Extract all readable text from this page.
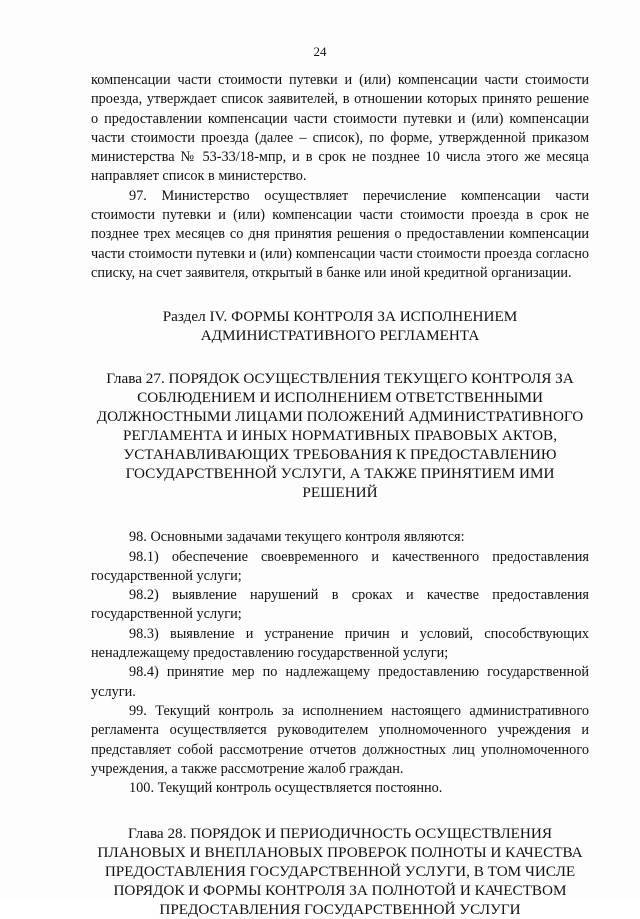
24

компенсации части стоимости путевки и (или) компенсации части стоимости проезда, утверждает список заявителей, в отношении которых принято решение о предоставлении компенсации части стоимости путевки и (или) компенсации части стоимости проезда (далее – список), по форме, утвержденной приказом министерства № 53-33/18-мпр, и в срок не позднее 10 числа этого же месяца направляет список в министерство.

97. Министерство осуществляет перечисление компенсации части стоимости путевки и (или) компенсации части стоимости проезда в срок не позднее трех месяцев со дня принятия решения о предоставлении компенсации части стоимости путевки и (или) компенсации части стоимости проезда согласно списку, на счет заявителя, открытый в банке или иной кредитной организации.

Раздел IV. ФОРМЫ КОНТРОЛЯ ЗА ИСПОЛНЕНИЕМ АДМИНИСТРАТИВНОГО РЕГЛАМЕНТА

Глава 27. ПОРЯДОК ОСУЩЕСТВЛЕНИЯ ТЕКУЩЕГО КОНТРОЛЯ ЗА СОБЛЮДЕНИЕМ И ИСПОЛНЕНИЕМ ОТВЕТСТВЕННЫМИ ДОЛЖНОСТНЫМИ ЛИЦАМИ ПОЛОЖЕНИЙ АДМИНИСТРАТИВНОГО РЕГЛАМЕНТА И ИНЫХ НОРМАТИВНЫХ ПРАВОВЫХ АКТОВ, УСТАНАВЛИВАЮЩИХ ТРЕБОВАНИЯ К ПРЕДОСТАВЛЕНИЮ ГОСУДАРСТВЕННОЙ УСЛУГИ, А ТАКЖЕ ПРИНЯТИЕМ ИМИ РЕШЕНИЙ

98. Основными задачами текущего контроля являются:

98.1) обеспечение своевременного и качественного предоставления государственной услуги;

98.2) выявление нарушений в сроках и качестве предоставления государственной услуги;

98.3) выявление и устранение причин и условий, способствующих ненадлежащему предоставлению государственной услуги;

98.4) принятие мер по надлежащему предоставлению государственной услуги.

99. Текущий контроль за исполнением настоящего административного регламента осуществляется руководителем уполномоченного учреждения и представляет собой рассмотрение отчетов должностных лиц уполномоченного учреждения, а также рассмотрение жалоб граждан.

100. Текущий контроль осуществляется постоянно.

Глава 28. ПОРЯДОК И ПЕРИОДИЧНОСТЬ ОСУЩЕСТВЛЕНИЯ ПЛАНОВЫХ И ВНЕПЛАНОВЫХ ПРОВЕРОК ПОЛНОТЫ И КАЧЕСТВА ПРЕДОСТАВЛЕНИЯ ГОСУДАРСТВЕННОЙ УСЛУГИ, В ТОМ ЧИСЛЕ ПОРЯДОК И ФОРМЫ КОНТРОЛЯ ЗА ПОЛНОТОЙ И КАЧЕСТВОМ ПРЕДОСТАВЛЕНИЯ ГОСУДАРСТВЕННОЙ УСЛУГИ
